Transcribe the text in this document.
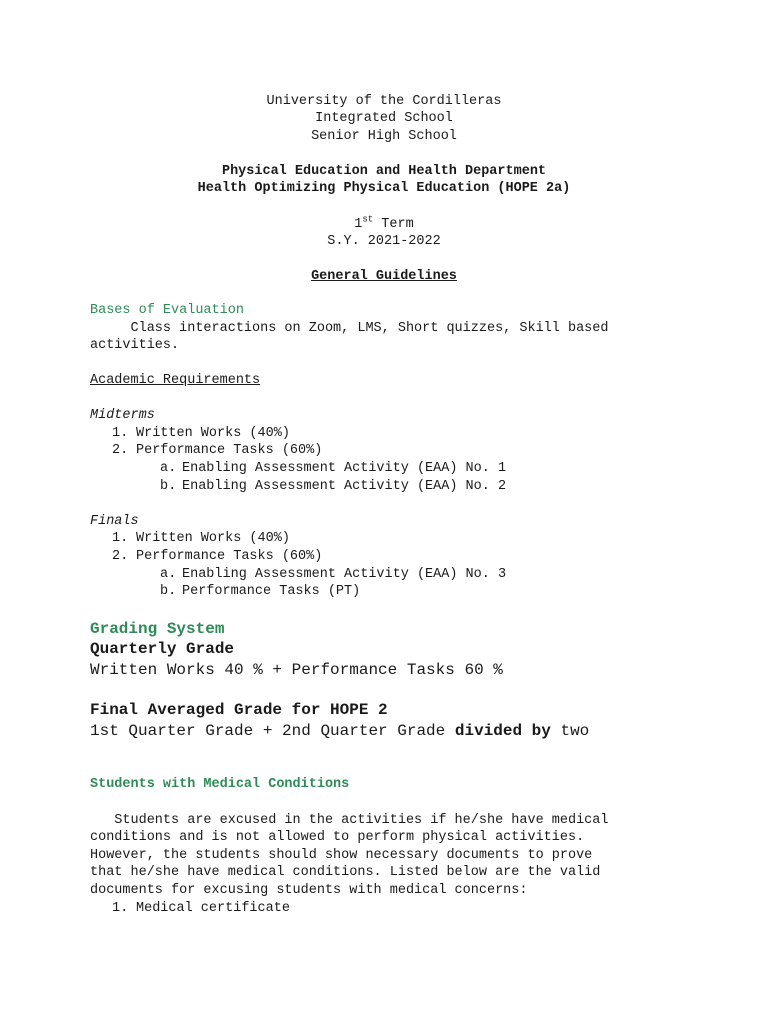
University of the Cordilleras

Integrated School

Senior High School

Physical Education and Health Department

Health Optimizing Physical Education (HOPE 2a)

1st Term

S.Y. 2021-2022

General Guidelines

Bases of Evaluation

Class interactions on Zoom, LMS, Short quizzes, Skill based

activities.

Academic Requirements

Midterms

1. Written Works (40%)

2. Performance Tasks (60%)

a. Enabling Assessment Activity (EAA) No. 1

b. Enabling Assessment Activity (EAA) No. 2

Finals

1. Written Works (40%)

2. Performance Tasks (60%)

a. Enabling Assessment Activity (EAA) No. 3

b. Performance Tasks (PT)

Grading System

Quarterly Grade

Written Works 40 % + Performance Tasks 60 %

Final Averaged Grade for HOPE 2

1st Quarter Grade + 2nd Quarter Grade divided by two

Students with Medical Conditions

Students are excused in the activities if he/she have medical

conditions and is not allowed to perform physical activities.

However, the students should show necessary documents to prove

that he/she have medical conditions. Listed below are the valid

documents for excusing students with medical concerns:

1. Medical certificate
